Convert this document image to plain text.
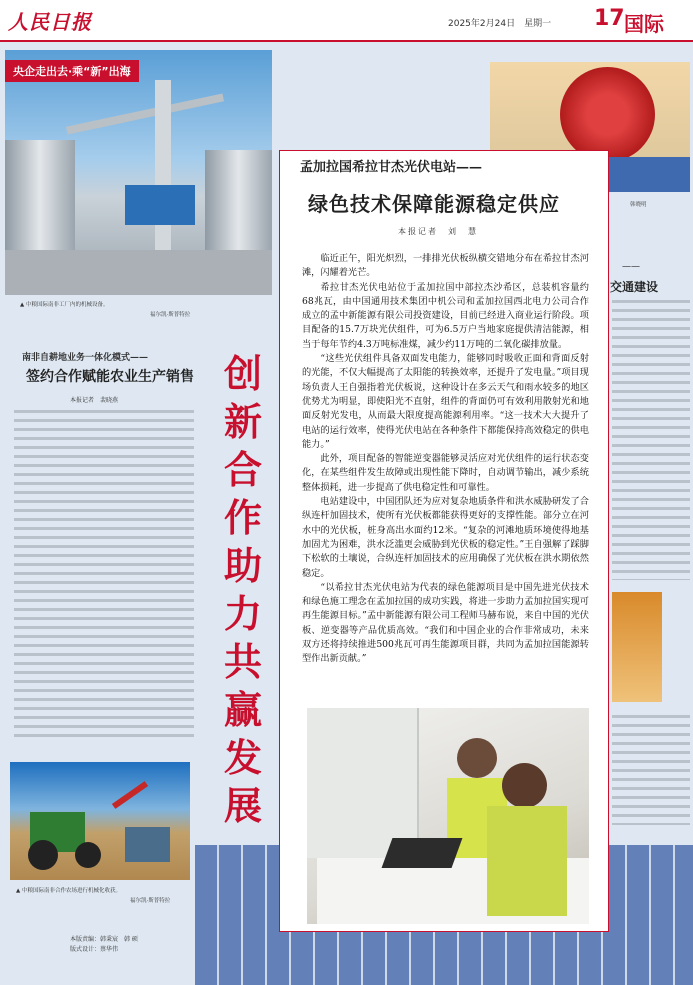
人民日报	2025年2月24日　星期一 17 国际
央企走出去·乘“新”出海
▲ 中粮国际南非工厂内的机械设备。
福尔凯·斯普特拉
南非自耕地业务一体化模式——
签约合作赋能农业生产销售
本报记者　裴晓燕
创新合作助力共赢发展
▲ 中粮国际南非合作农场进行机械化收获。
福尔凯·斯普特拉
本版责编：韩秉宸　韩 硕
版式设计：蔡华伟
韩晓明
——
交通建设
孟加拉国希拉甘杰光伏电站——
绿色技术保障能源稳定供应
本报记者　刘　慧

临近正午，阳光炽烈，一排排光伏板纵横交错地分布在希拉甘杰河滩，闪耀着光芒。

希拉甘杰光伏电站位于孟加拉国中部拉杰沙希区，总装机容量约68兆瓦，由中国通用技术集团中机公司和孟加拉国西北电力公司合作成立的孟中新能源有限公司投资建设，目前已经进入商业运行阶段。项目配备的15.7万块光伏组件，可为6.5万户当地家庭提供清洁能源，相当于每年节约4.3万吨标准煤，减少约11万吨的二氧化碳排放量。

“这些光伏组件具备双面发电能力，能够同时吸收正面和背面反射的光能，不仅大幅提高了太阳能的转换效率，还提升了发电量。”项目现场负责人王自强指着光伏板说，这种设计在多云天气和雨水较多的地区优势尤为明显，即使阳光不直射，组件的背面仍可有效利用散射光和地面反射光发电，从而最大限度提高能源利用率。“这一技术大大提升了电站的运行效率，使得光伏电站在各种条件下都能保持高效稳定的供电能力。”

此外，项目配备的智能逆变器能够灵活应对光伏组件的运行状态变化，在某些组件发生故障或出现性能下降时，自动调节输出，减少系统整体损耗，进一步提高了供电稳定性和可靠性。

电站建设中，中国团队还为应对复杂地质条件和洪水威胁研发了合纵连杆加固技术，使所有光伏板都能获得更好的支撑性能。部分立在河水中的光伏板，桩身高出水面约12米。“复杂的河滩地质环境使得地基加固尤为困难，洪水泛滥更会威胁到光伏板的稳定性。”王自强解了踩脚下松软的土壤说，合纵连杆加固技术的应用确保了光伏板在洪水期依然稳定。

“以希拉甘杰光伏电站为代表的绿色能源项目是中国先进光伏技术和绿色施工理念在孟加拉国的成功实践，将进一步助力孟加拉国实现可再生能源目标。”孟中新能源有限公司工程师马赫布说，来自中国的光伏板、逆变器等产品优质高效。“我们和中国企业的合作非常成功，未来双方还将持续推进500兆瓦可再生能源项目群，共同为孟加拉国能源转型作出新贡献。”
